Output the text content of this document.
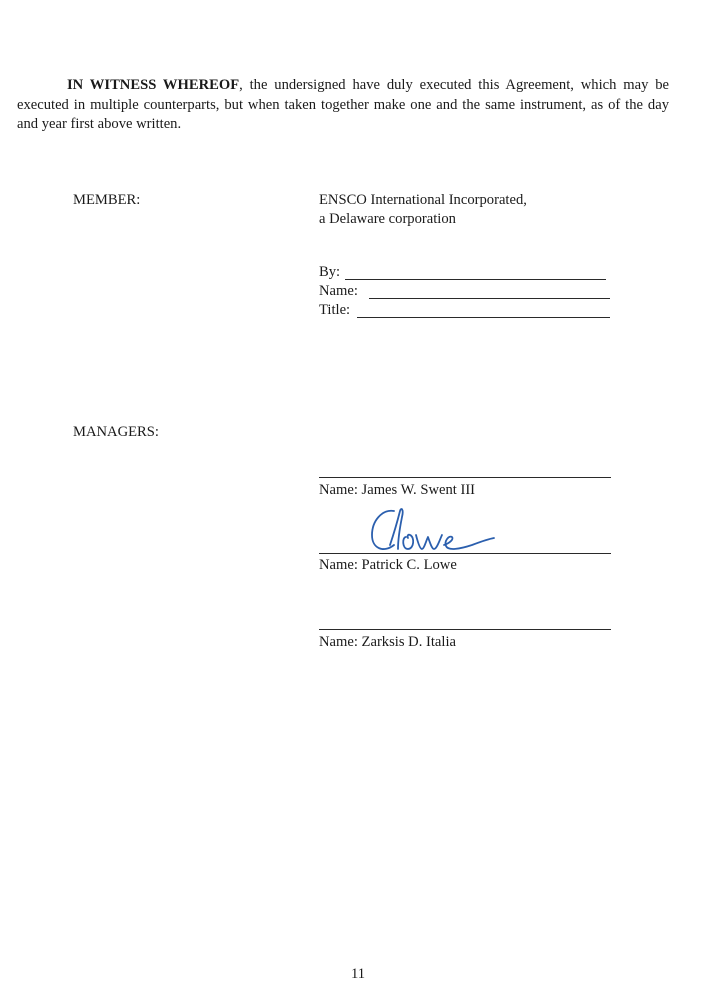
IN WITNESS WHEREOF, the undersigned have duly executed this Agreement, which may be executed in multiple counterparts, but when taken together make one and the same instrument, as of the day and year first above written.
MEMBER:	ENSCO International Incorporated,
a Delaware corporation
By:
Name:
Title:
MANAGERS:
Name: James W. Swent III
Name: Patrick C. Lowe
Name: Zarksis D. Italia
11
